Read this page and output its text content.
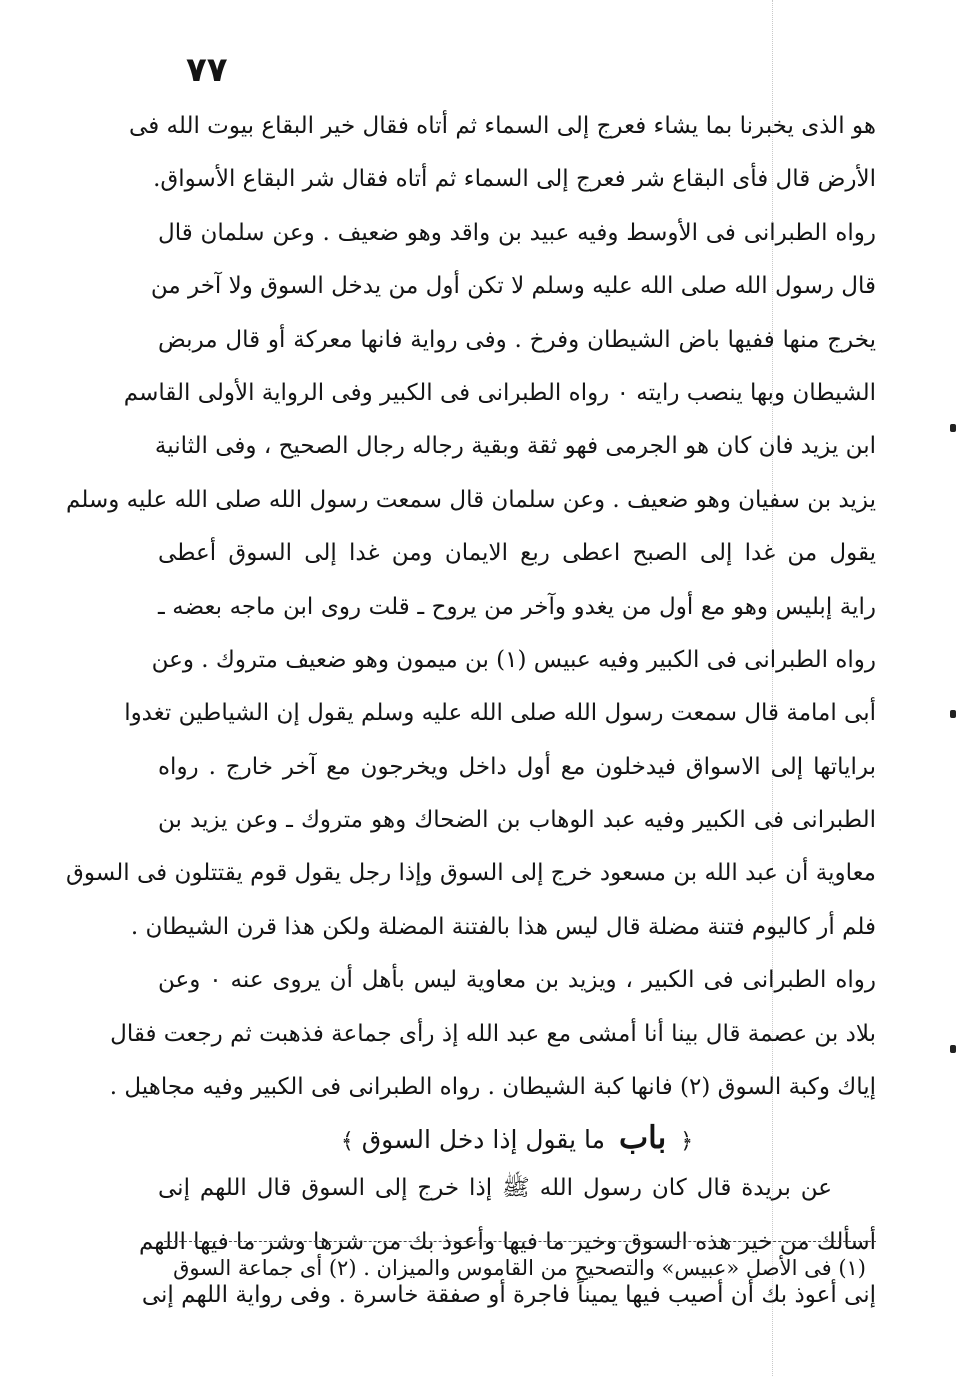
٧٧
هو الذى يخبرنا بما يشاء فعرج إلى السماء ثم أتاه فقال خير البقاع بيوت الله فى
الأرض قال فأى البقاع شر فعرج إلى السماء ثم أتاه فقال شر البقاع الأسواق.
رواه الطبرانى فى الأوسط وفيه عبيد بن واقد وهو ضعيف . وعن سلمان قال
قال رسول الله صلى الله عليه وسلم لا تكن أول من يدخل السوق ولا آخر من
يخرج منها ففيها باض الشيطان وفرخ . وفى رواية فانها معركة أو قال مربض
الشيطان وبها ينصب رايته ٠ رواه الطبرانى فى الكبير وفى الرواية الأولى القاسم
ابن يزيد فان كان هو الجرمى فهو ثقة وبقية رجاله رجال الصحيح ، وفى الثانية
يزيد بن سفيان وهو ضعيف . وعن سلمان قال سمعت رسول الله صلى الله عليه وسلم
يقول من غدا إلى الصبح اعطى ربع الايمان ومن غدا إلى السوق أعطى
راية إبليس وهو مع أول من يغدو وآخر من يروح ـ قلت روى ابن ماجه بعضه ـ
رواه الطبرانى فى الكبير وفيه عبيس (١) بن ميمون وهو ضعيف متروك . وعن
أبى امامة قال سمعت رسول الله صلى الله عليه وسلم يقول إن الشياطين تغدوا
براياتها إلى الاسواق فيدخلون مع أول داخل ويخرجون مع آخر خارج . رواه
الطبرانى فى الكبير وفيه عبد الوهاب بن الضحاك وهو متروك ـ وعن يزيد بن
معاوية أن عبد الله بن مسعود خرج إلى السوق وإذا رجل يقول قوم يقتتلون فى السوق
فلم أر كاليوم فتنة مضلة قال ليس هذا بالفتنة المضلة ولكن هذا قرن الشيطان .
رواه الطبرانى فى الكبير ، ويزيد بن معاوية ليس بأهل أن يروى عنه ٠ وعن
بلاد بن عصمة قال بينا أنا أمشى مع عبد الله إذ رأى جماعة فذهبت ثم رجعت فقال
إياك وكبة السوق (٢) فانها كبة الشيطان . رواه الطبرانى فى الكبير وفيه مجاهيل .
﴿باب ما يقول إذا دخل السوق﴾
عن بريدة قال كان رسول الله ﷺ إذا خرج إلى السوق قال اللهم إنى
أسألك من خير هذه السوق وخير ما فيها وأعوذ بك من شرها وشر ما فيها اللهم
إنى أعوذ بك أن أصيب فيها يميناً فاجرة أو صفقة خاسرة . وفى رواية اللهم إنى
(١) فى الأصل «عبيس» والتصحيح من القاموس والميزان . (٢) أى جماعة السوق
